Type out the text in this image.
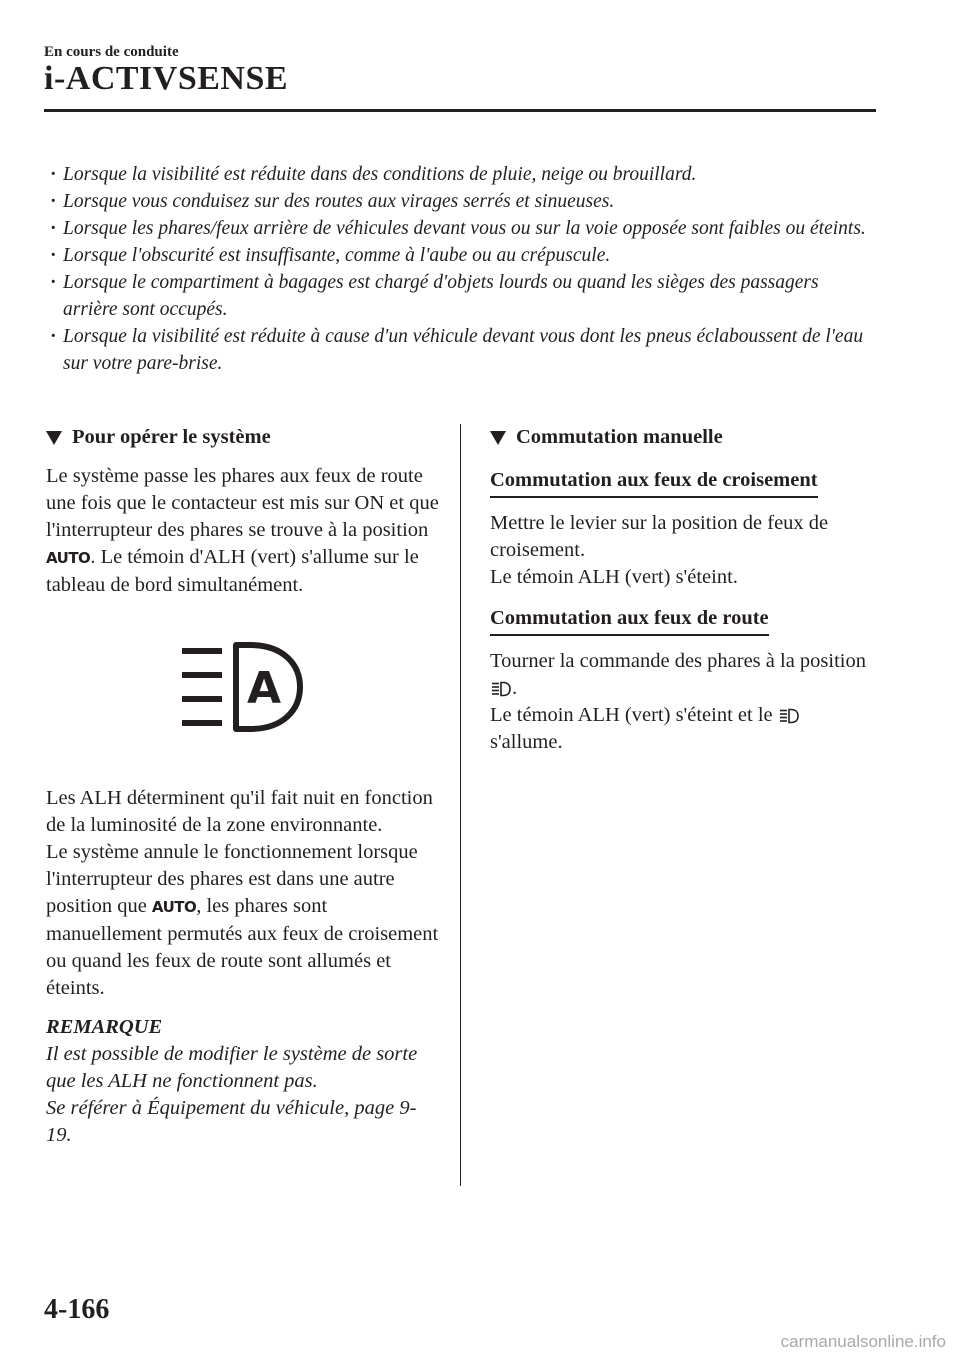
En cours de conduite
i-ACTIVSENSE
· Lorsque la visibilité est réduite dans des conditions de pluie, neige ou brouillard.
· Lorsque vous conduisez sur des routes aux virages serrés et sinueuses.
· Lorsque les phares/feux arrière de véhicules devant vous ou sur la voie opposée sont faibles ou éteints.
· Lorsque l'obscurité est insuffisante, comme à l'aube ou au crépuscule.
· Lorsque le compartiment à bagages est chargé d'objets lourds ou quand les sièges des passagers arrière sont occupés.
· Lorsque la visibilité est réduite à cause d'un véhicule devant vous dont les pneus éclaboussent de l'eau sur votre pare-brise.
Pour opérer le système

Le système passe les phares aux feux de route une fois que le contacteur est mis sur ON et que l'interrupteur des phares se trouve à la position AUTO. Le témoin d'ALH (vert) s'allume sur le tableau de bord simultanément.

A

Les ALH déterminent qu'il fait nuit en fonction de la luminosité de la zone environnante.
Le système annule le fonctionnement lorsque l'interrupteur des phares est dans une autre position que AUTO, les phares sont manuellement permutés aux feux de croisement ou quand les feux de route sont allumés et éteints.

REMARQUE

Il est possible de modifier le système de sorte que les ALH ne fonctionnent pas.
Se référer à Équipement du véhicule, page 9-19.

Commutation manuelle
Commutation aux feux de croisement

Mettre le levier sur la position de feux de croisement.
Le témoin ALH (vert) s'éteint.

Commutation aux feux de route

Tourner la commande des phares à la position .
Le témoin ALH (vert) s'éteint et le  s'allume.

4-166
carmanualsonline.info
